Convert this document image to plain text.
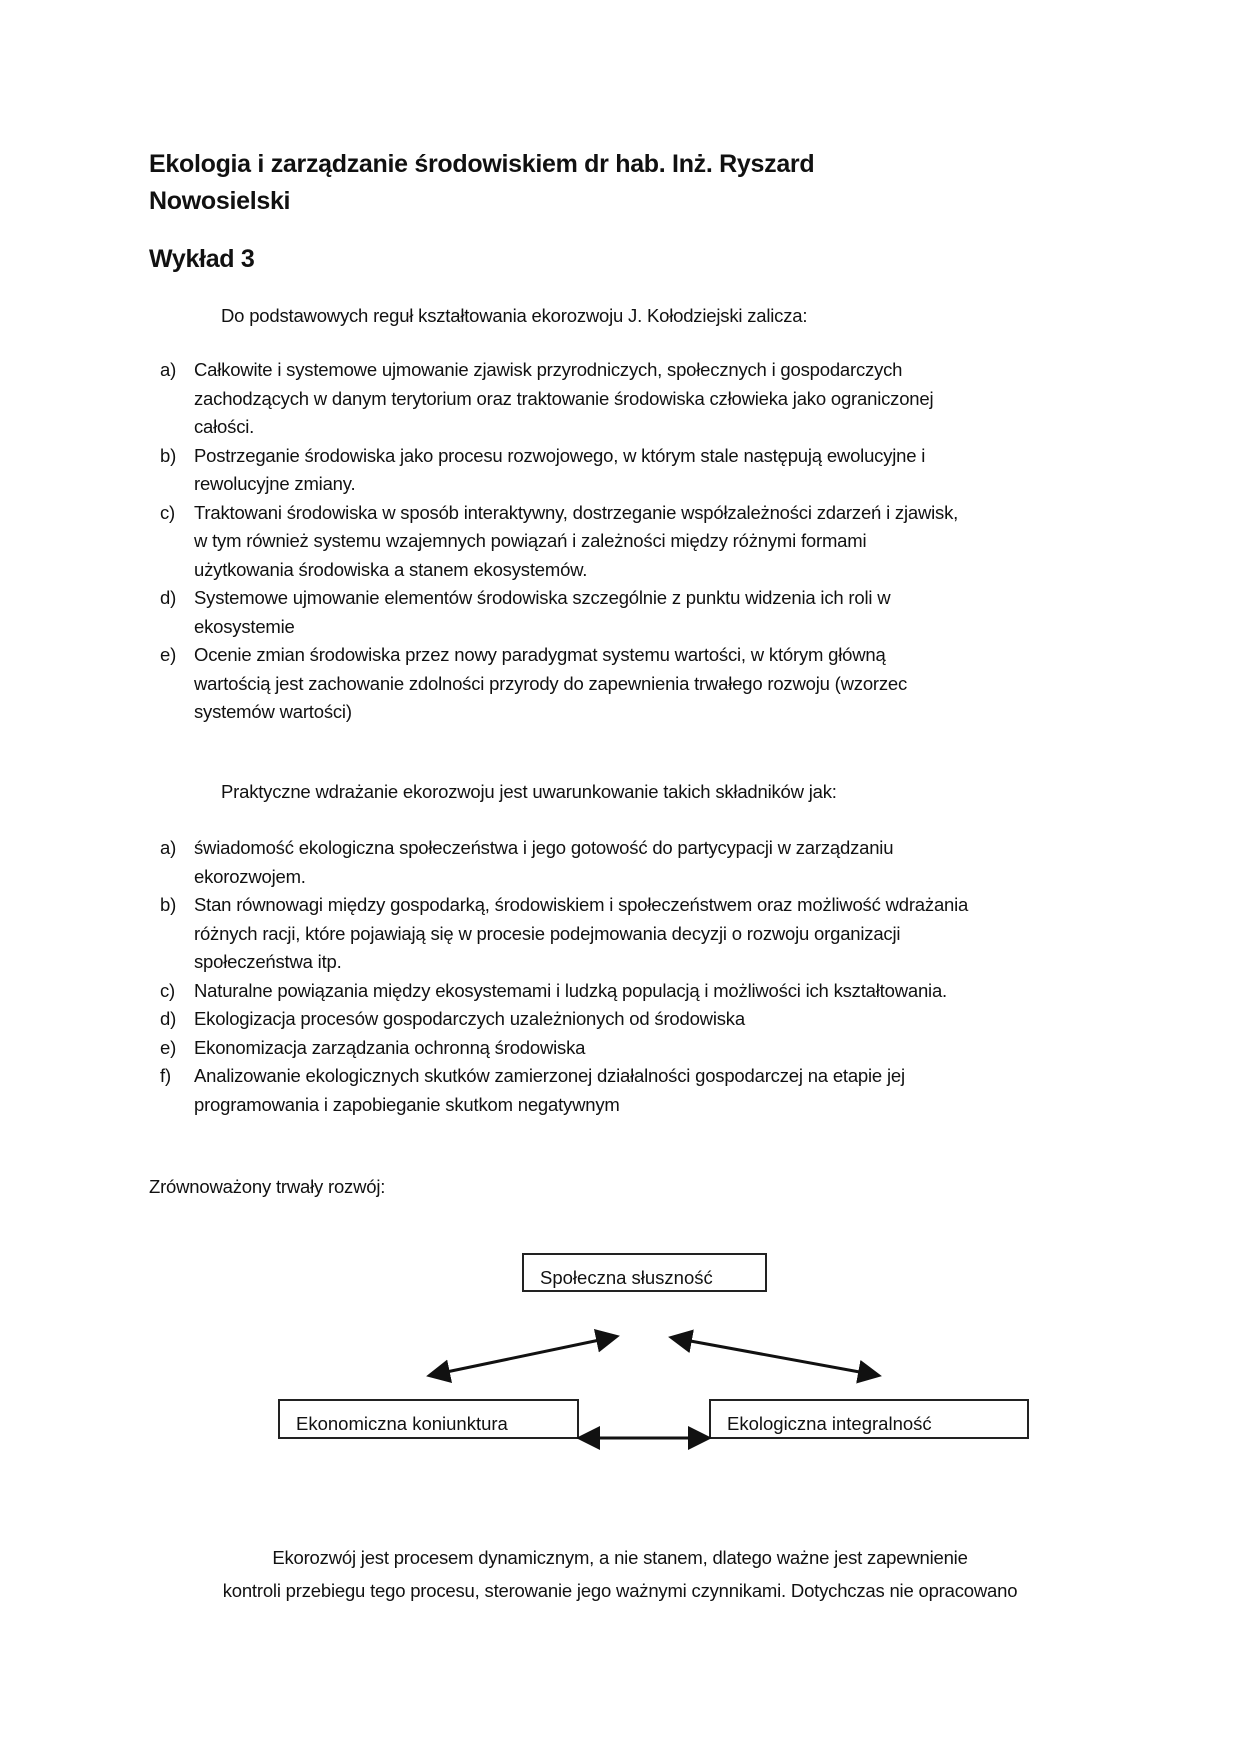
Ekologia i zarządzanie środowiskiem dr hab. Inż. Ryszard
Nowosielski
Wykład 3
Do podstawowych reguł kształtowania ekorozwoju J. Kołodziejski zalicza:
a) Całkowite i systemowe ujmowanie zjawisk przyrodniczych, społecznych i gospodarczych
zachodzących w danym terytorium oraz traktowanie środowiska człowieka jako ograniczonej
całości.
b) Postrzeganie środowiska jako procesu rozwojowego, w którym stale następują ewolucyjne i
rewolucyjne zmiany.
c)	Traktowani środowiska w sposób interaktywny, dostrzeganie współzależności zdarzeń i zjawisk,
w tym również systemu wzajemnych powiązań i zależności między różnymi formami
użytkowania środowiska a stanem ekosystemów.
d) Systemowe ujmowanie elementów środowiska szczególnie z punktu widzenia ich roli w
ekosystemie
e) Ocenie zmian środowiska przez nowy paradygmat systemu wartości, w którym główną
wartością jest zachowanie zdolności przyrody do zapewnienia trwałego rozwoju (wzorzec
systemów wartości)
Praktyczne wdrażanie ekorozwoju jest uwarunkowanie takich składników jak:
a) świadomość ekologiczna społeczeństwa i jego gotowość do partycypacji w zarządzaniu
ekorozwojem.
b) Stan równowagi między gospodarką, środowiskiem i społeczeństwem oraz możliwość wdrażania
różnych racji, które pojawiają się w procesie podejmowania decyzji o rozwoju organizacji
społeczeństwa itp.
c)	Naturalne powiązania między ekosystemami i ludzką populacją i możliwości ich kształtowania.
d) Ekologizacja procesów gospodarczych uzależnionych od środowiska
e) Ekonomizacja zarządzania ochronną środowiska
f)	Analizowanie ekologicznych skutków zamierzonej działalności gospodarczej na etapie jej
programowania i zapobieganie skutkom negatywnym
Zrównoważony trwały rozwój:
Społeczna słuszność
Ekonomiczna koniunktura	Ekologiczna integralność
Ekorozwój jest procesem dynamicznym, a nie stanem, dlatego ważne jest zapewnienie
kontroli przebiegu tego procesu, sterowanie jego ważnymi czynnikami. Dotychczas nie opracowano
